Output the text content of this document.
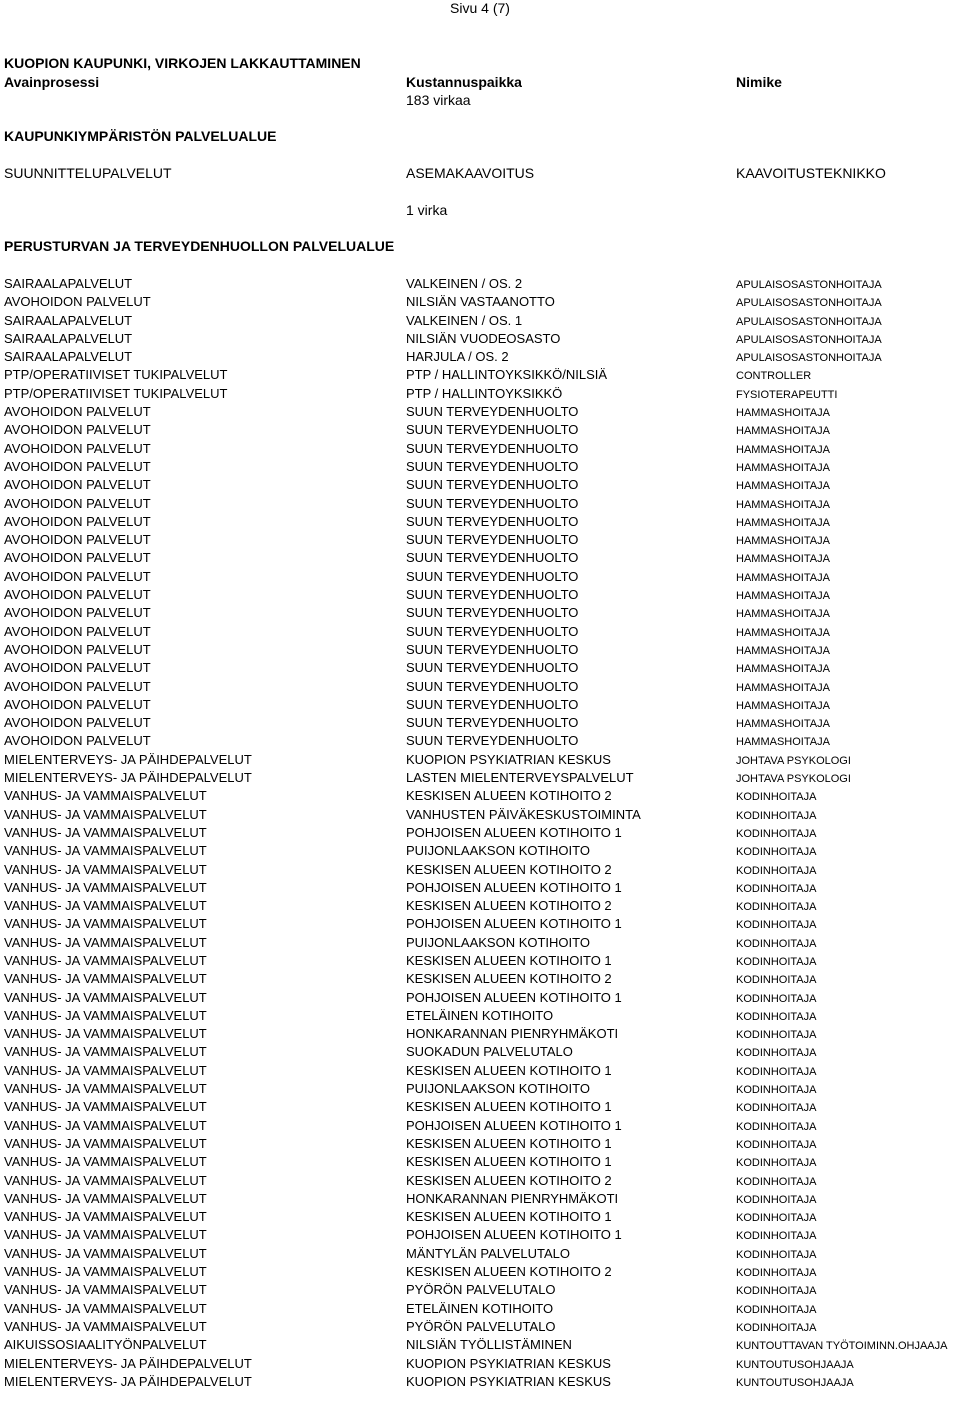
Sivu 4 (7)
KUOPION KAUPUNKI, VIRKOJEN LAKKAUTTAMINEN
Avainprosessi	Kustannuspaikka	Nimike
183 virkaa
KAUPUNKIYMPÄRISTÖN PALVELUALUE
SUUNNITTELUPALVELUT	ASEMAKAAVOITUS	KAAVOITUSTEKNIKKO
1 virka
PERUSTURVAN JA TERVEYDENHUOLLON PALVELUALUE
SAIRAALAPALVELUT	VALKEINEN / OS. 2	APULAISOSASTONHOITAJA
AVOHOIDON PALVELUT	NILSIÄN VASTAANOTTO	APULAISOSASTONHOITAJA
SAIRAALAPALVELUT	VALKEINEN / OS. 1	APULAISOSASTONHOITAJA
SAIRAALAPALVELUT	NILSIÄN VUODEOSASTO	APULAISOSASTONHOITAJA
SAIRAALAPALVELUT	HARJULA / OS. 2	APULAISOSASTONHOITAJA
PTP/OPERATIIVISET TUKIPALVELUT	PTP / HALLINTOYKSIKKÖ/NILSIÄ	CONTROLLER
PTP/OPERATIIVISET TUKIPALVELUT	PTP / HALLINTOYKSIKKÖ	FYSIOTERAPEUTTI
AVOHOIDON PALVELUT	SUUN TERVEYDENHUOLTO	HAMMASHOITAJA
AVOHOIDON PALVELUT	SUUN TERVEYDENHUOLTO	HAMMASHOITAJA
AVOHOIDON PALVELUT	SUUN TERVEYDENHUOLTO	HAMMASHOITAJA
AVOHOIDON PALVELUT	SUUN TERVEYDENHUOLTO	HAMMASHOITAJA
AVOHOIDON PALVELUT	SUUN TERVEYDENHUOLTO	HAMMASHOITAJA
AVOHOIDON PALVELUT	SUUN TERVEYDENHUOLTO	HAMMASHOITAJA
AVOHOIDON PALVELUT	SUUN TERVEYDENHUOLTO	HAMMASHOITAJA
AVOHOIDON PALVELUT	SUUN TERVEYDENHUOLTO	HAMMASHOITAJA
AVOHOIDON PALVELUT	SUUN TERVEYDENHUOLTO	HAMMASHOITAJA
AVOHOIDON PALVELUT	SUUN TERVEYDENHUOLTO	HAMMASHOITAJA
AVOHOIDON PALVELUT	SUUN TERVEYDENHUOLTO	HAMMASHOITAJA
AVOHOIDON PALVELUT	SUUN TERVEYDENHUOLTO	HAMMASHOITAJA
AVOHOIDON PALVELUT	SUUN TERVEYDENHUOLTO	HAMMASHOITAJA
AVOHOIDON PALVELUT	SUUN TERVEYDENHUOLTO	HAMMASHOITAJA
AVOHOIDON PALVELUT	SUUN TERVEYDENHUOLTO	HAMMASHOITAJA
AVOHOIDON PALVELUT	SUUN TERVEYDENHUOLTO	HAMMASHOITAJA
AVOHOIDON PALVELUT	SUUN TERVEYDENHUOLTO	HAMMASHOITAJA
AVOHOIDON PALVELUT	SUUN TERVEYDENHUOLTO	HAMMASHOITAJA
AVOHOIDON PALVELUT	SUUN TERVEYDENHUOLTO	HAMMASHOITAJA
MIELENTERVEYS- JA PÄIHDEPALVELUT	KUOPION PSYKIATRIAN KESKUS	JOHTAVA PSYKOLOGI
MIELENTERVEYS- JA PÄIHDEPALVELUT	LASTEN MIELENTERVEYSPALVELUT	JOHTAVA PSYKOLOGI
VANHUS- JA VAMMAISPALVELUT	KESKISEN ALUEEN KOTIHOITO 2	KODINHOITAJA
VANHUS- JA VAMMAISPALVELUT	VANHUSTEN PÄIVÄKESKUSTOIMINTA	KODINHOITAJA
VANHUS- JA VAMMAISPALVELUT	POHJOISEN ALUEEN KOTIHOITO 1	KODINHOITAJA
VANHUS- JA VAMMAISPALVELUT	PUIJONLAAKSON KOTIHOITO	KODINHOITAJA
VANHUS- JA VAMMAISPALVELUT	KESKISEN ALUEEN KOTIHOITO 2	KODINHOITAJA
VANHUS- JA VAMMAISPALVELUT	POHJOISEN ALUEEN KOTIHOITO 1	KODINHOITAJA
VANHUS- JA VAMMAISPALVELUT	KESKISEN ALUEEN KOTIHOITO 2	KODINHOITAJA
VANHUS- JA VAMMAISPALVELUT	POHJOISEN ALUEEN KOTIHOITO 1	KODINHOITAJA
VANHUS- JA VAMMAISPALVELUT	PUIJONLAAKSON KOTIHOITO	KODINHOITAJA
VANHUS- JA VAMMAISPALVELUT	KESKISEN ALUEEN KOTIHOITO 1	KODINHOITAJA
VANHUS- JA VAMMAISPALVELUT	KESKISEN ALUEEN KOTIHOITO 2	KODINHOITAJA
VANHUS- JA VAMMAISPALVELUT	POHJOISEN ALUEEN KOTIHOITO 1	KODINHOITAJA
VANHUS- JA VAMMAISPALVELUT	ETELÄINEN KOTIHOITO	KODINHOITAJA
VANHUS- JA VAMMAISPALVELUT	HONKARANNAN PIENRYHMÄKOTI	KODINHOITAJA
VANHUS- JA VAMMAISPALVELUT	SUOKADUN PALVELUTALO	KODINHOITAJA
VANHUS- JA VAMMAISPALVELUT	KESKISEN ALUEEN KOTIHOITO 1	KODINHOITAJA
VANHUS- JA VAMMAISPALVELUT	PUIJONLAAKSON KOTIHOITO	KODINHOITAJA
VANHUS- JA VAMMAISPALVELUT	KESKISEN ALUEEN KOTIHOITO 1	KODINHOITAJA
VANHUS- JA VAMMAISPALVELUT	POHJOISEN ALUEEN KOTIHOITO 1	KODINHOITAJA
VANHUS- JA VAMMAISPALVELUT	KESKISEN ALUEEN KOTIHOITO 1	KODINHOITAJA
VANHUS- JA VAMMAISPALVELUT	KESKISEN ALUEEN KOTIHOITO 1	KODINHOITAJA
VANHUS- JA VAMMAISPALVELUT	KESKISEN ALUEEN KOTIHOITO 2	KODINHOITAJA
VANHUS- JA VAMMAISPALVELUT	HONKARANNAN PIENRYHMÄKOTI	KODINHOITAJA
VANHUS- JA VAMMAISPALVELUT	KESKISEN ALUEEN KOTIHOITO 1	KODINHOITAJA
VANHUS- JA VAMMAISPALVELUT	POHJOISEN ALUEEN KOTIHOITO 1	KODINHOITAJA
VANHUS- JA VAMMAISPALVELUT	MÄNTYLÄN PALVELUTALO	KODINHOITAJA
VANHUS- JA VAMMAISPALVELUT	KESKISEN ALUEEN KOTIHOITO 2	KODINHOITAJA
VANHUS- JA VAMMAISPALVELUT	PYÖRÖN PALVELUTALO	KODINHOITAJA
VANHUS- JA VAMMAISPALVELUT	ETELÄINEN KOTIHOITO	KODINHOITAJA
VANHUS- JA VAMMAISPALVELUT	PYÖRÖN PALVELUTALO	KODINHOITAJA
AIKUISSOSIAALITYÖNPALVELUT	NILSIÄN TYÖLLISTÄMINEN	KUNTOUTTAVAN TYÖTOIMINN.OHJAAJA
MIELENTERVEYS- JA PÄIHDEPALVELUT	KUOPION PSYKIATRIAN KESKUS	KUNTOUTUSOHJAAJA
MIELENTERVEYS- JA PÄIHDEPALVELUT	KUOPION PSYKIATRIAN KESKUS	KUNTOUTUSOHJAAJA
